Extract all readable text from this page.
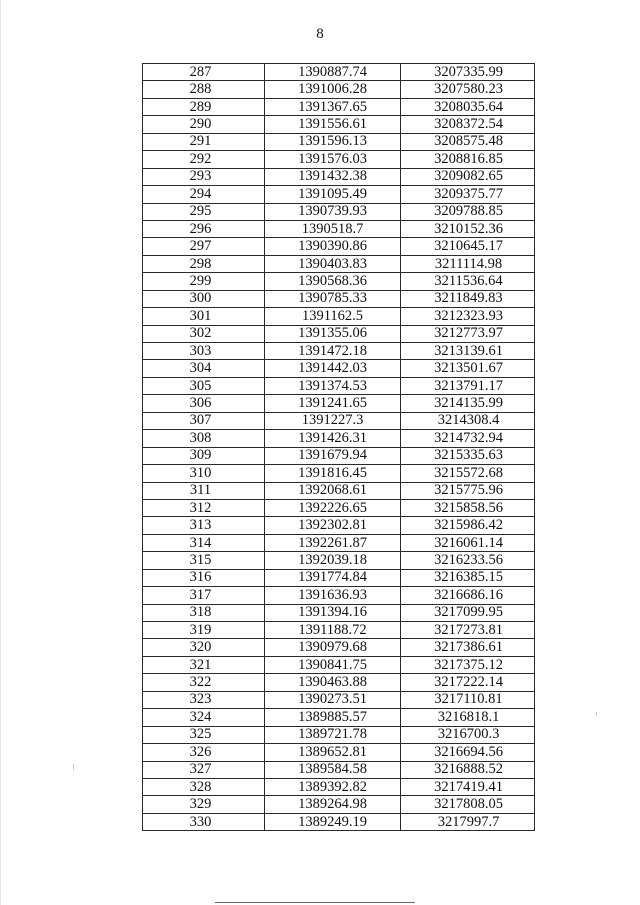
8
287	1390887.74	3207335.99
288	1391006.28	3207580.23
289	1391367.65	3208035.64
290	1391556.61	3208372.54
291	1391596.13	3208575.48
292	1391576.03	3208816.85
293	1391432.38	3209082.65
294	1391095.49	3209375.77
295	1390739.93	3209788.85
296	1390518.7	3210152.36
297	1390390.86	3210645.17
298	1390403.83	3211114.98
299	1390568.36	3211536.64
300	1390785.33	3211849.83
301	1391162.5	3212323.93
302	1391355.06	3212773.97
303	1391472.18	3213139.61
304	1391442.03	3213501.67
305	1391374.53	3213791.17
306	1391241.65	3214135.99
307	1391227.3	3214308.4
308	1391426.31	3214732.94
309	1391679.94	3215335.63
310	1391816.45	3215572.68
311	1392068.61	3215775.96
312	1392226.65	3215858.56
313	1392302.81	3215986.42
314	1392261.87	3216061.14
315	1392039.18	3216233.56
316	1391774.84	3216385.15
317	1391636.93	3216686.16
318	1391394.16	3217099.95
319	1391188.72	3217273.81
320	1390979.68	3217386.61
321	1390841.75	3217375.12
322	1390463.88	3217222.14
323	1390273.51	3217110.81
324	1389885.57	3216818.1
325	1389721.78	3216700.3
326	1389652.81	3216694.56
327	1389584.58	3216888.52
328	1389392.82	3217419.41
329	1389264.98	3217808.05
330	1389249.19	3217997.7
